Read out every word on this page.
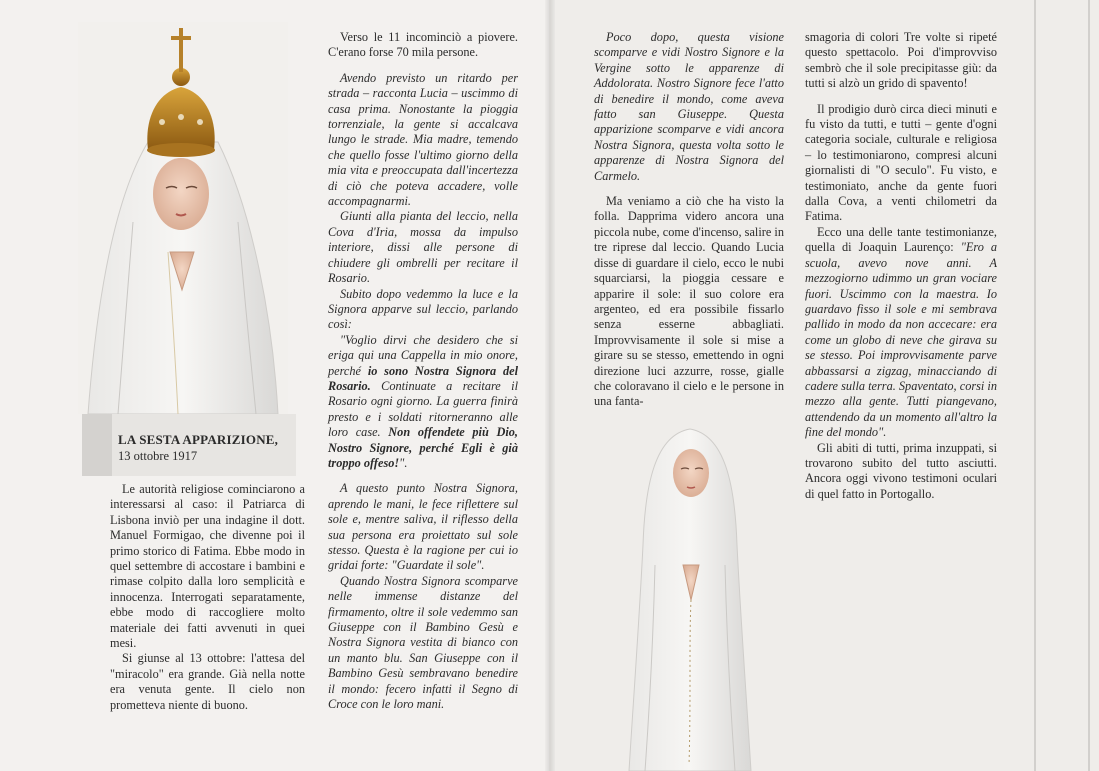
LA SESTA APPARIZIONE,
13 ottobre 1917

Le autorità religiose cominciarono a interessarsi al caso: il Patriarca di Lisbona inviò per una indagine il dott. Manuel Formigao, che divenne poi il primo storico di Fatima. Ebbe modo in quel settembre di accostare i bambini e rimase colpito dalla loro semplicità e innocenza. Interrogati separatamente, ebbe modo di raccogliere molto materiale dei fatti avvenuti in quei mesi.

Si giunse al 13 ottobre: l'attesa del "miracolo" era grande. Già nella notte era venuta gente. Il cielo non prometteva niente di buono.

Verso le 11 incominciò a piovere. C'erano forse 70 mila persone.

Avendo previsto un ritardo per strada – racconta Lucia – uscimmo di casa prima. Nonostante la pioggia torrenziale, la gente si accalcava lungo le strade. Mia madre, temendo che quello fosse l'ultimo giorno della mia vita e preoccupata dall'incertezza di ciò che poteva accadere, volle accompagnarmi.

Giunti alla pianta del leccio, nella Cova d'Iria, mossa da impulso interiore, dissi alle persone di chiudere gli ombrelli per recitare il Rosario.

Subito dopo vedemmo la luce e la Signora apparve sul leccio, parlando così:

"Voglio dirvi che desidero che si eriga qui una Cappella in mio onore, perché io sono Nostra Signora del Rosario. Continuate a recitare il Rosario ogni giorno. La guerra finirà presto e i soldati ritorneranno alle loro case. Non offendete più Dio, Nostro Signore, perché Egli è già troppo offeso!".

A questo punto Nostra Signora, aprendo le mani, le fece riflettere sul sole e, mentre saliva, il riflesso della sua persona era proiettato sul sole stesso. Questa è la ragione per cui io gridai forte: "Guardate il sole".

Quando Nostra Signora scomparve nelle immense distanze del firmamento, oltre il sole vedemmo san Giuseppe con il Bambino Gesù e Nostra Signora vestita di bianco con un manto blu. San Giuseppe con il Bambino Gesù sembravano benedire il mondo: fecero infatti il Segno di Croce con le loro mani.

Poco dopo, questa visione scomparve e vidi Nostro Signore e la Vergine sotto le apparenze di Addolorata. Nostro Signore fece l'atto di benedire il mondo, come aveva fatto san Giuseppe. Questa apparizione scomparve e vidi ancora Nostra Signora, questa volta sotto le apparenze di Nostra Signora del Carmelo.

Ma veniamo a ciò che ha visto la folla. Dapprima videro ancora una piccola nube, come d'incenso, salire in tre riprese dal leccio. Quando Lucia disse di guardare il cielo, ecco le nubi squarciarsi, la pioggia cessare e apparire il sole: il suo colore era argenteo, ed era possibile fissarlo senza esserne abbagliati. Improvvisamente il sole si mise a girare su se stesso, emettendo in ogni direzione luci azzurre, rosse, gialle che coloravano il cielo e le persone in una fanta-

smagoria di colori Tre volte si ripeté questo spettacolo. Poi d'improvviso sembrò che il sole precipitasse giù: da tutti si alzò un grido di spavento!

Il prodigio durò circa dieci minuti e fu visto da tutti, e tutti – gente d'ogni categoria sociale, culturale e religiosa – lo testimoniarono, compresi alcuni giornalisti di "O seculo". Fu visto, e testimoniato, anche da gente fuori dalla Cova, a venti chilometri da Fatima.

Ecco una delle tante testimonianze, quella di Joaquin Laurenço: "Ero a scuola, avevo nove anni. A mezzogiorno udimmo un gran vociare fuori. Uscimmo con la maestra. Io guardavo fisso il sole e mi sembrava pallido in modo da non accecare: era come un globo di neve che girava su se stesso. Poi improvvisamente parve abbassarsi a zigzag, minacciando di cadere sulla terra. Spaventato, corsi in mezzo alla gente. Tutti piangevano, attendendo da un momento all'altro la fine del mondo".

Gli abiti di tutti, prima inzuppati, si trovarono subito del tutto asciutti. Ancora oggi vivono testimoni oculari di quel fatto in Portogallo.
